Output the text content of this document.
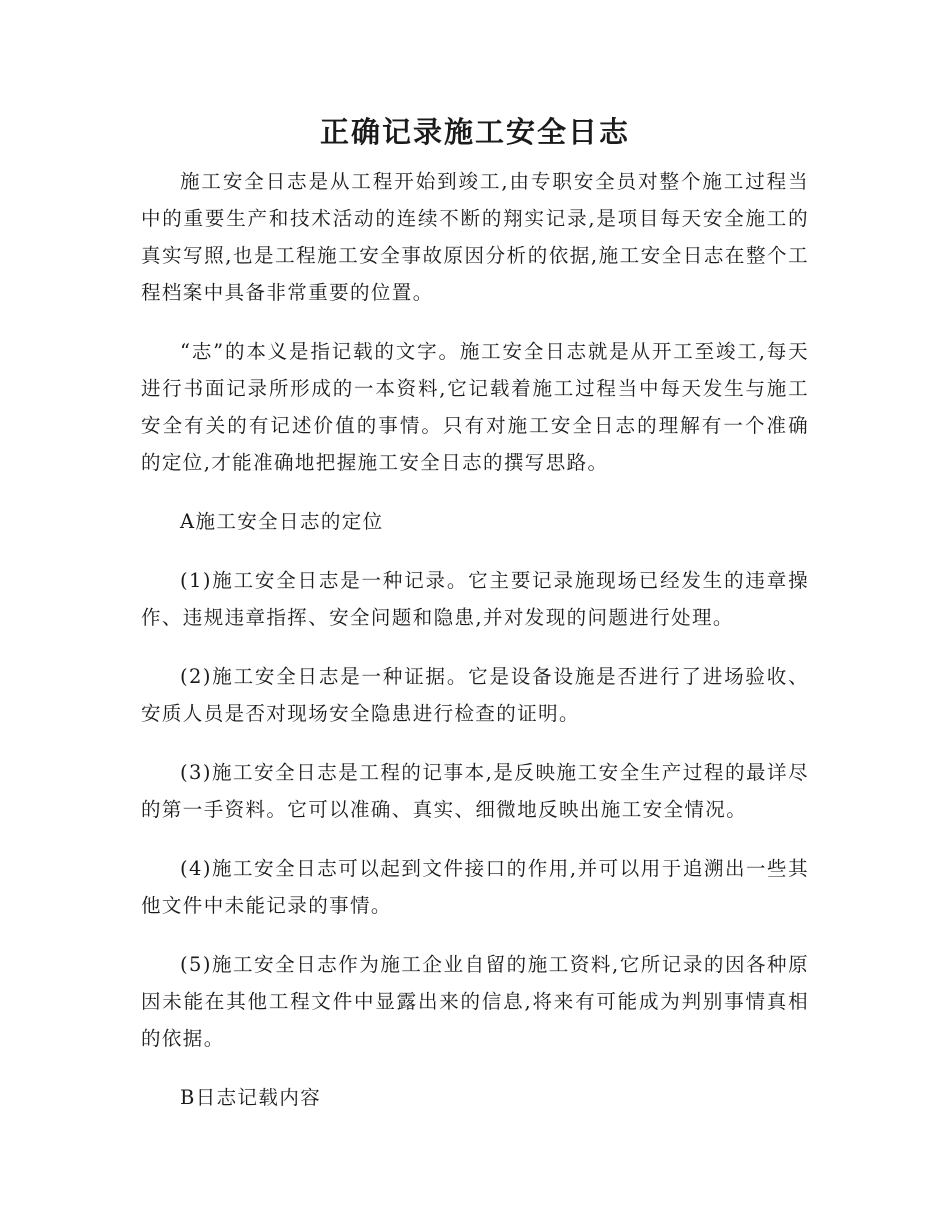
正确记录施工安全日志

施工安全日志是从工程开始到竣工,由专职安全员对整个施工过程当中的重要生产和技术活动的连续不断的翔实记录,是项目每天安全施工的真实写照,也是工程施工安全事故原因分析的依据,施工安全日志在整个工程档案中具备非常重要的位置。

“志”的本义是指记载的文字。施工安全日志就是从开工至竣工,每天进行书面记录所形成的一本资料,它记载着施工过程当中每天发生与施工安全有关的有记述价值的事情。只有对施工安全日志的理解有一个准确的定位,才能准确地把握施工安全日志的撰写思路。

A施工安全日志的定位

(1)施工安全日志是一种记录。它主要记录施现场已经发生的违章操作、违规违章指挥、安全问题和隐患,并对发现的问题进行处理。

(2)施工安全日志是一种证据。它是设备设施是否进行了进场验收、安质人员是否对现场安全隐患进行检查的证明。

(3)施工安全日志是工程的记事本,是反映施工安全生产过程的最详尽的第一手资料。它可以准确、真实、细微地反映出施工安全情况。

(4)施工安全日志可以起到文件接口的作用,并可以用于追溯出一些其他文件中未能记录的事情。

(5)施工安全日志作为施工企业自留的施工资料,它所记录的因各种原因未能在其他工程文件中显露出来的信息,将来有可能成为判别事情真相的依据。

B日志记载内容
